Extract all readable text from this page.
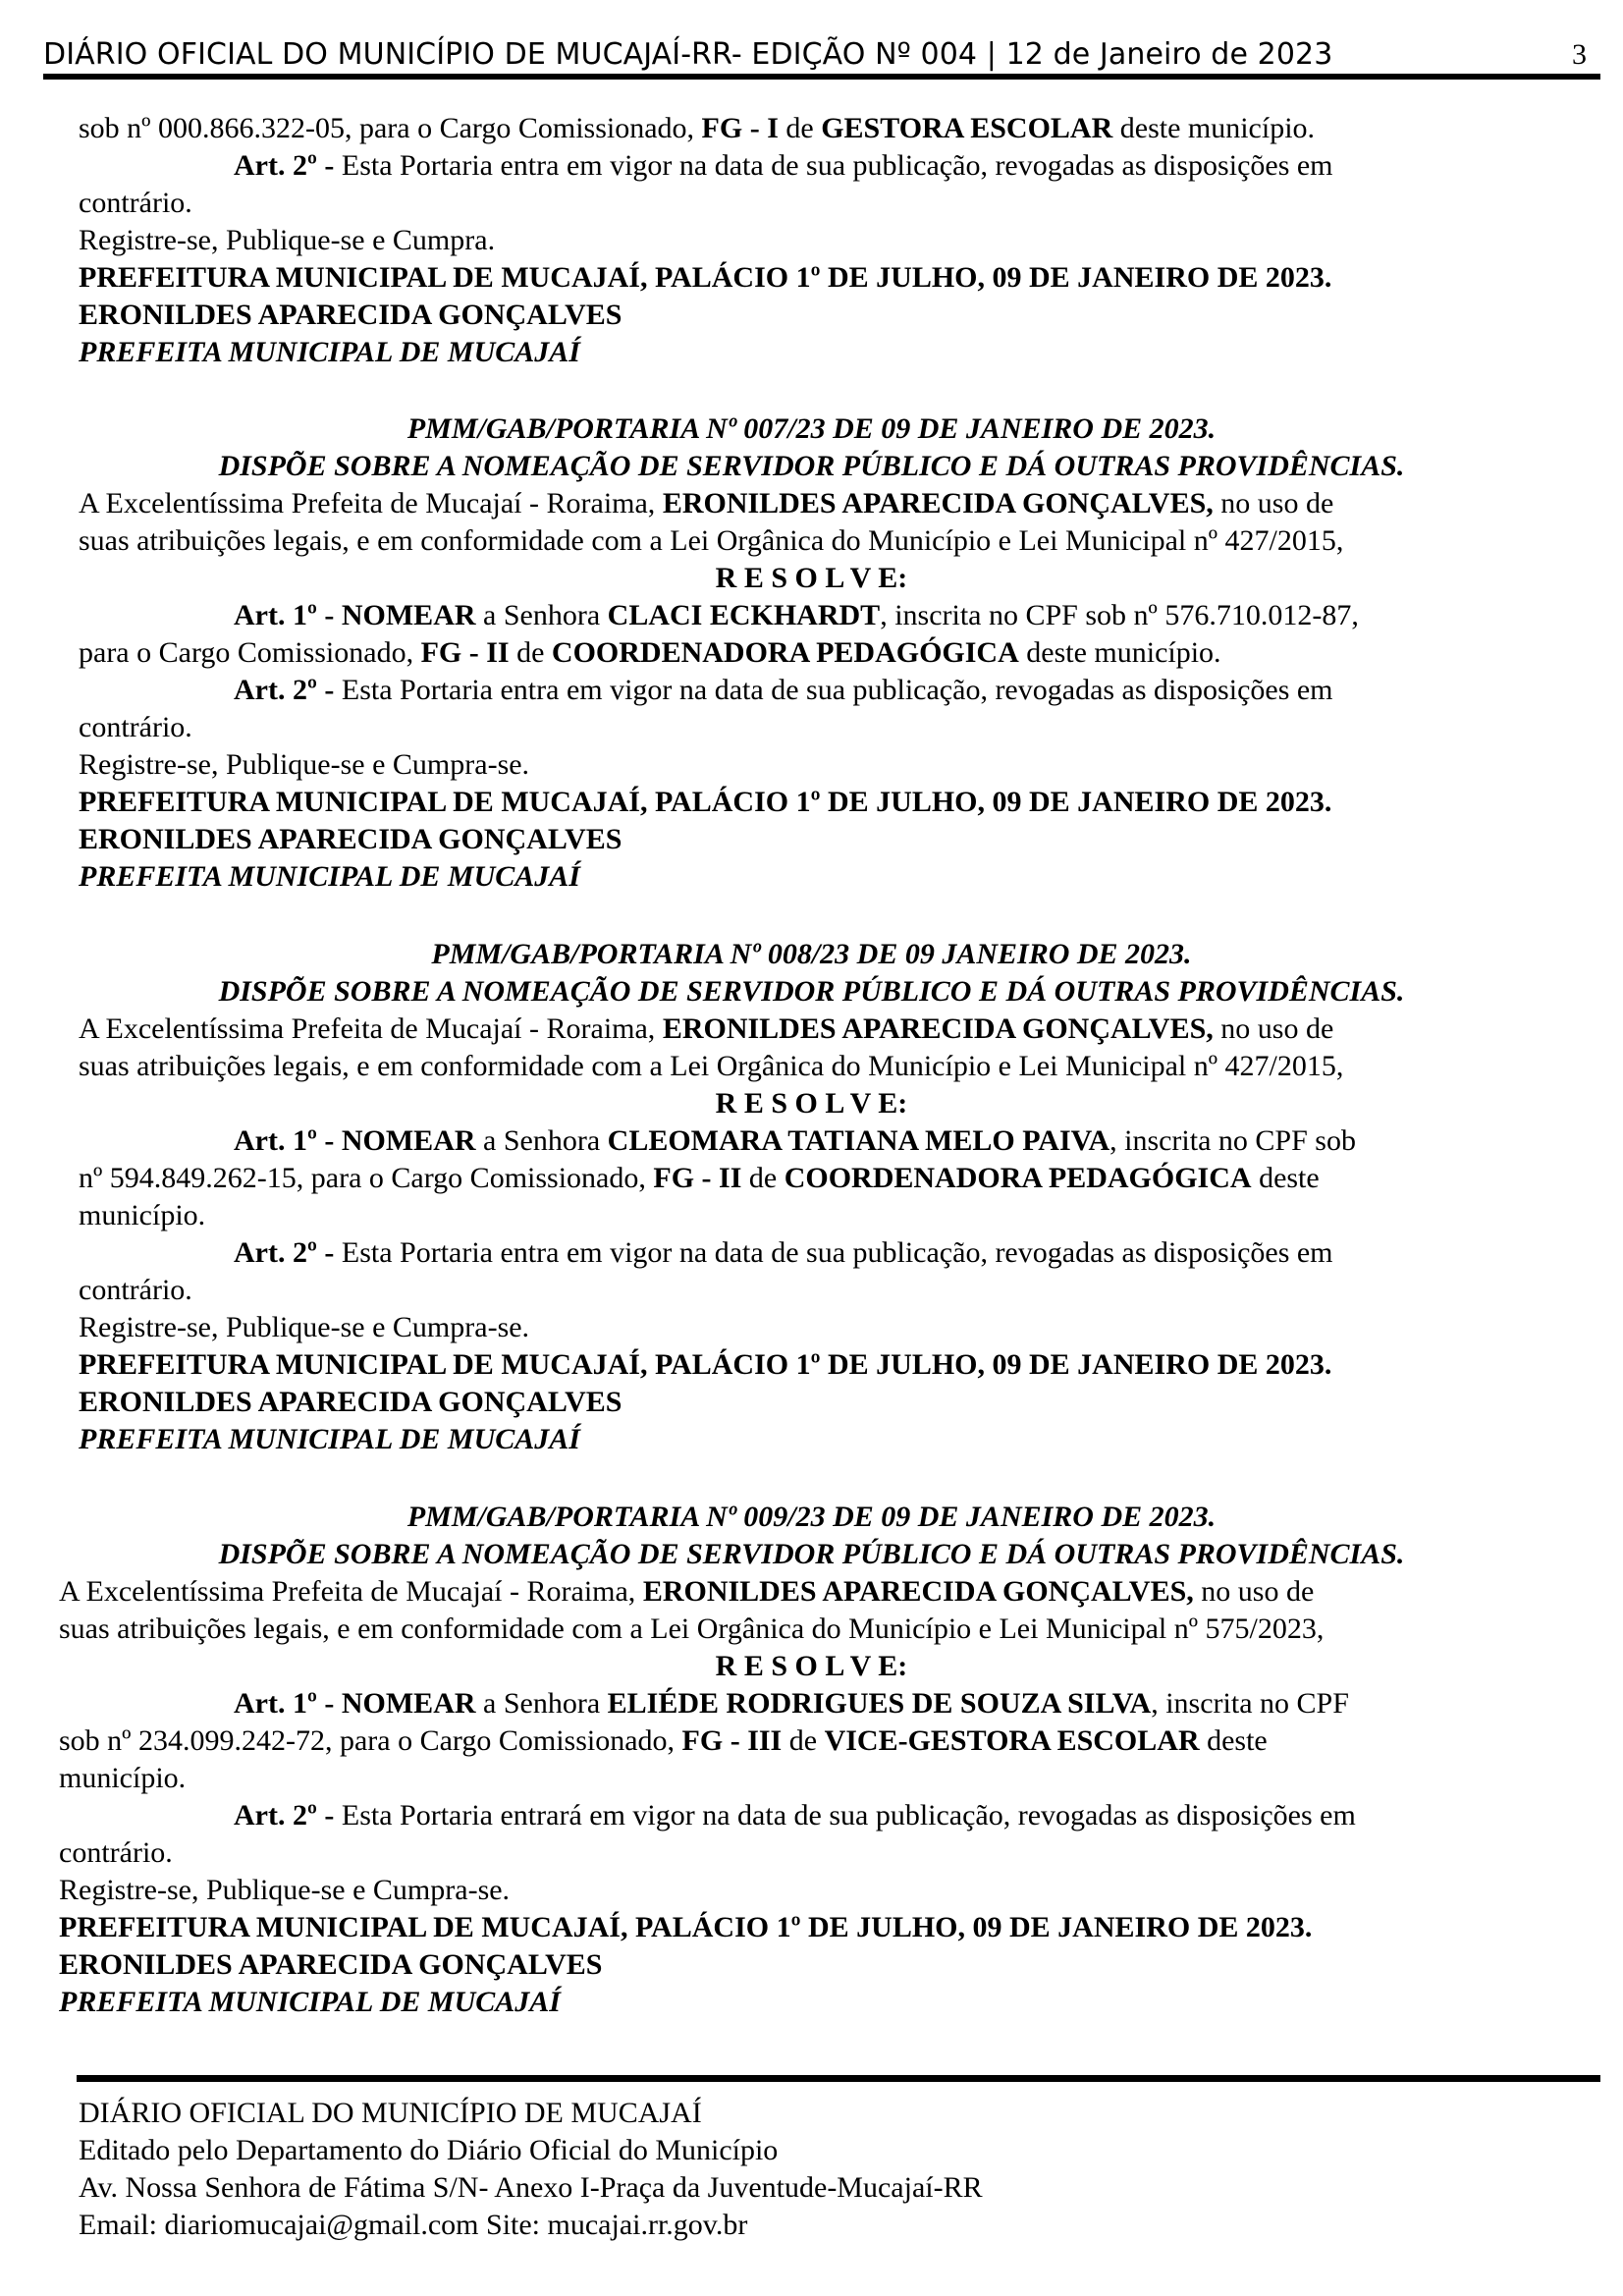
DIÁRIO OFICIAL DO MUNICÍPIO DE MUCAJAÍ-RR- EDIÇÃO Nº 004 | 12 de Janeiro de 2023	3

sob nº 000.866.322-05, para o Cargo Comissionado, FG - I de GESTORA ESCOLAR deste município.

Art. 2º - Esta Portaria entra em vigor na data de sua publicação, revogadas as disposições em

contrário.

Registre-se, Publique-se e Cumpra.

PREFEITURA MUNICIPAL DE MUCAJAÍ, PALÁCIO 1º DE JULHO, 09 DE JANEIRO DE 2023.

ERONILDES APARECIDA GONÇALVES

PREFEITA MUNICIPAL DE MUCAJAÍ

PMM/GAB/PORTARIA Nº 007/23 DE 09 DE JANEIRO DE 2023.

DISPÕE SOBRE A NOMEAÇÃO DE SERVIDOR PÚBLICO E DÁ OUTRAS PROVIDÊNCIAS.

A Excelentíssima Prefeita de Mucajaí - Roraima, ERONILDES APARECIDA GONÇALVES, no uso de

suas atribuições legais, e em conformidade com a Lei Orgânica do Município e Lei Municipal nº 427/2015,

R E S O L V E:

Art. 1º - NOMEAR a Senhora CLACI ECKHARDT, inscrita no CPF sob nº 576.710.012-87,

para o Cargo Comissionado, FG - II de COORDENADORA PEDAGÓGICA deste município.

Art. 2º - Esta Portaria entra em vigor na data de sua publicação, revogadas as disposições em

contrário.

Registre-se, Publique-se e Cumpra-se.

PREFEITURA MUNICIPAL DE MUCAJAÍ, PALÁCIO 1º DE JULHO, 09 DE JANEIRO DE 2023.

ERONILDES APARECIDA GONÇALVES

PREFEITA MUNICIPAL DE MUCAJAÍ

PMM/GAB/PORTARIA Nº 008/23 DE 09 JANEIRO DE 2023.

DISPÕE SOBRE A NOMEAÇÃO DE SERVIDOR PÚBLICO E DÁ OUTRAS PROVIDÊNCIAS.

A Excelentíssima Prefeita de Mucajaí - Roraima, ERONILDES APARECIDA GONÇALVES, no uso de

suas atribuições legais, e em conformidade com a Lei Orgânica do Município e Lei Municipal nº 427/2015,

R E S O L V E:

Art. 1º - NOMEAR a Senhora CLEOMARA TATIANA MELO PAIVA, inscrita no CPF sob

nº 594.849.262-15, para o Cargo Comissionado, FG - II de COORDENADORA PEDAGÓGICA deste

município.

Art. 2º - Esta Portaria entra em vigor na data de sua publicação, revogadas as disposições em

contrário.

Registre-se, Publique-se e Cumpra-se.

PREFEITURA MUNICIPAL DE MUCAJAÍ, PALÁCIO 1º DE JULHO, 09 DE JANEIRO DE 2023.

ERONILDES APARECIDA GONÇALVES

PREFEITA MUNICIPAL DE MUCAJAÍ

PMM/GAB/PORTARIA Nº 009/23 DE 09 DE JANEIRO DE 2023.

DISPÕE SOBRE A NOMEAÇÃO DE SERVIDOR PÚBLICO E DÁ OUTRAS PROVIDÊNCIAS.

A Excelentíssima Prefeita de Mucajaí - Roraima, ERONILDES APARECIDA GONÇALVES, no uso de

suas atribuições legais, e em conformidade com a Lei Orgânica do Município e Lei Municipal nº 575/2023,

R E S O L V E:

Art. 1º - NOMEAR a Senhora ELIÉDE RODRIGUES DE SOUZA SILVA, inscrita no CPF

sob nº 234.099.242-72, para o Cargo Comissionado, FG - III de VICE-GESTORA ESCOLAR deste

município.

Art. 2º - Esta Portaria entrará em vigor na data de sua publicação, revogadas as disposições em

contrário.

Registre-se, Publique-se e Cumpra-se.

PREFEITURA MUNICIPAL DE MUCAJAÍ, PALÁCIO 1º DE JULHO, 09 DE JANEIRO DE 2023.

ERONILDES APARECIDA GONÇALVES

PREFEITA MUNICIPAL DE MUCAJAÍ

DIÁRIO OFICIAL DO MUNICÍPIO DE MUCAJAÍ
Editado pelo Departamento do Diário Oficial do Município
Av. Nossa Senhora de Fátima S/N- Anexo I-Praça da Juventude-Mucajaí-RR
Email: diariomucajai@gmail.com Site: mucajai.rr.gov.br
